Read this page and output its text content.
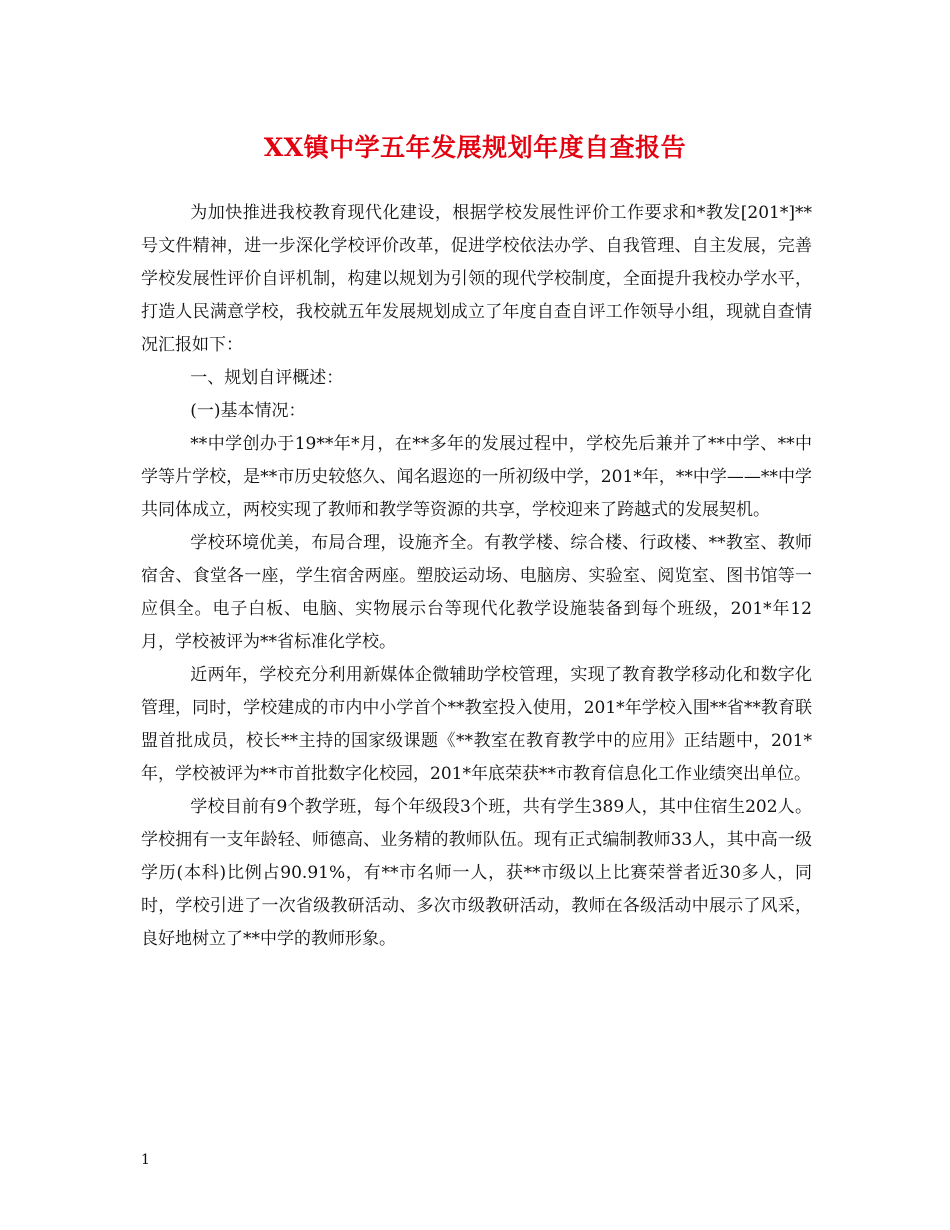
XX镇中学五年发展规划年度自查报告

为加快推进我校教育现代化建设，根据学校发展性评价工作要求和*教发[201*]**号文件精神，进一步深化学校评价改革，促进学校依法办学、自我管理、自主发展，完善学校发展性评价自评机制，构建以规划为引领的现代学校制度，全面提升我校办学水平，打造人民满意学校，我校就五年发展规划成立了年度自查自评工作领导小组，现就自查情况汇报如下：

一、规划自评概述：

(一)基本情况：

**中学创办于19**年*月，在**多年的发展过程中，学校先后兼并了**中学、**中学等片学校，是**市历史较悠久、闻名遐迩的一所初级中学，201*年，**中学——**中学共同体成立，两校实现了教师和教学等资源的共享，学校迎来了跨越式的发展契机。

学校环境优美，布局合理，设施齐全。有教学楼、综合楼、行政楼、**教室、教师宿舍、食堂各一座，学生宿舍两座。塑胶运动场、电脑房、实验室、阅览室、图书馆等一应俱全。电子白板、电脑、实物展示台等现代化教学设施装备到每个班级，201*年12月，学校被评为**省标准化学校。

近两年，学校充分利用新媒体企微辅助学校管理，实现了教育教学移动化和数字化管理，同时，学校建成的市内中小学首个**教室投入使用，201*年学校入围**省**教育联盟首批成员，校长**主持的国家级课题《**教室在教育教学中的应用》正结题中，201*年，学校被评为**市首批数字化校园，201*年底荣获**市教育信息化工作业绩突出单位。

学校目前有9个教学班，每个年级段3个班，共有学生389人，其中住宿生202人。学校拥有一支年龄轻、师德高、业务精的教师队伍。现有正式编制教师33人，其中高一级学历(本科)比例占90.91%，有**市名师一人，获**市级以上比赛荣誉者近30多人，同时，学校引进了一次省级教研活动、多次市级教研活动，教师在各级活动中展示了风采，良好地树立了**中学的教师形象。

1
